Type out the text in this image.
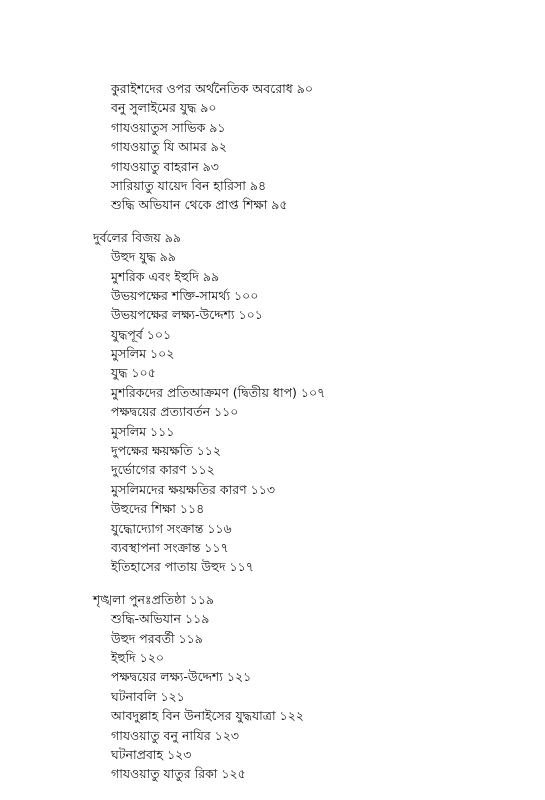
কুরাইশদের ওপর অর্থনৈতিক অবরোধ ৯০
বনু সুলাইমের যুদ্ধ ৯০
গাযওয়াতুস সাভিক ৯১
গাযওয়াতু যি আমর ৯২
গাযওয়াতু বাহরান ৯৩
সারিয়াতু যায়েদ বিন হারিসা ৯৪
শুদ্ধি অভিযান থেকে প্রাপ্ত শিক্ষা ৯৫
দুর্বলের বিজয় ৯৯
উহুদ যুদ্ধ ৯৯
মুশরিক এবং ইহুদি ৯৯
উভয়পক্ষের শক্তি-সামর্থ্য ১০০
উভয়পক্ষের লক্ষ্য-উদ্দেশ্য ১০১
যুদ্ধপূর্ব ১০১
মুসলিম ১০২
যুদ্ধ ১০৫
মুশরিকদের প্রতিআক্রমণ (দ্বিতীয় ধাপ) ১০৭
পক্ষদ্বয়ের প্রত্যাবর্তন ১১০
মুসলিম ১১১
দুপক্ষের ক্ষয়ক্ষতি ১১২
দুর্ভোগের কারণ ১১২
মুসলিমদের ক্ষয়ক্ষতির কারণ ১১৩
উহুদের শিক্ষা ১১৪
যুদ্ধোদ্যোগ সংক্রান্ত ১১৬
ব্যবস্থাপনা সংক্রান্ত ১১৭
ইতিহাসের পাতায় উহুদ ১১৭
শৃঙ্খলা পুনঃপ্রতিষ্ঠা ১১৯
শুদ্ধি-অভিযান ১১৯
উহুদ পরবর্তী ১১৯
ইহুদি ১২০
পক্ষদ্বয়ের লক্ষ্য-উদ্দেশ্য ১২১
ঘটনাবলি ১২১
আবদুল্লাহ বিন উনাইসের যুদ্ধযাত্রা ১২২
গাযওয়াতু বনু নাযির ১২৩
ঘটনাপ্রবাহ ১২৩
গাযওয়াতু যাতুর রিকা ১২৫
